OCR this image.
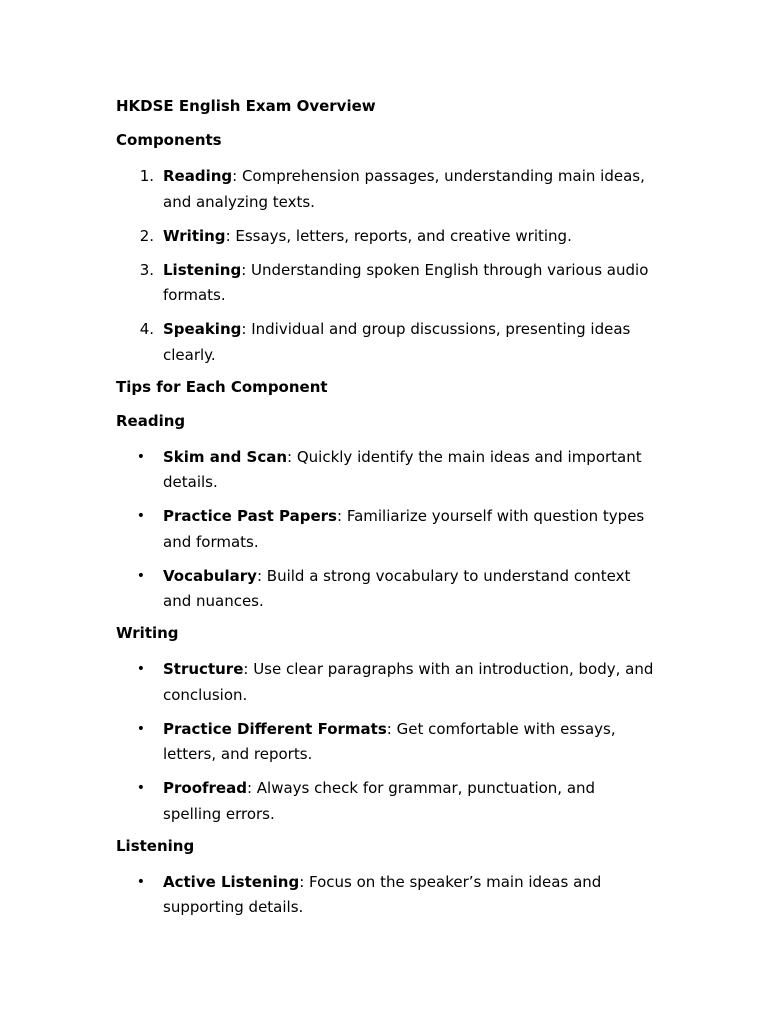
HKDSE English Exam Overview

Components

1. Reading: Comprehension passages, understanding main ideas, and analyzing texts.
2. Writing: Essays, letters, reports, and creative writing.
3. Listening: Understanding spoken English through various audio formats.
4. Speaking: Individual and group discussions, presenting ideas clearly.

Tips for Each Component

Reading

• Skim and Scan: Quickly identify the main ideas and important details.
• Practice Past Papers: Familiarize yourself with question types and formats.
• Vocabulary: Build a strong vocabulary to understand context and nuances.

Writing

• Structure: Use clear paragraphs with an introduction, body, and conclusion.
• Practice Different Formats: Get comfortable with essays, letters, and reports.
• Proofread: Always check for grammar, punctuation, and spelling errors.

Listening

• Active Listening: Focus on the speaker’s main ideas and supporting details.
